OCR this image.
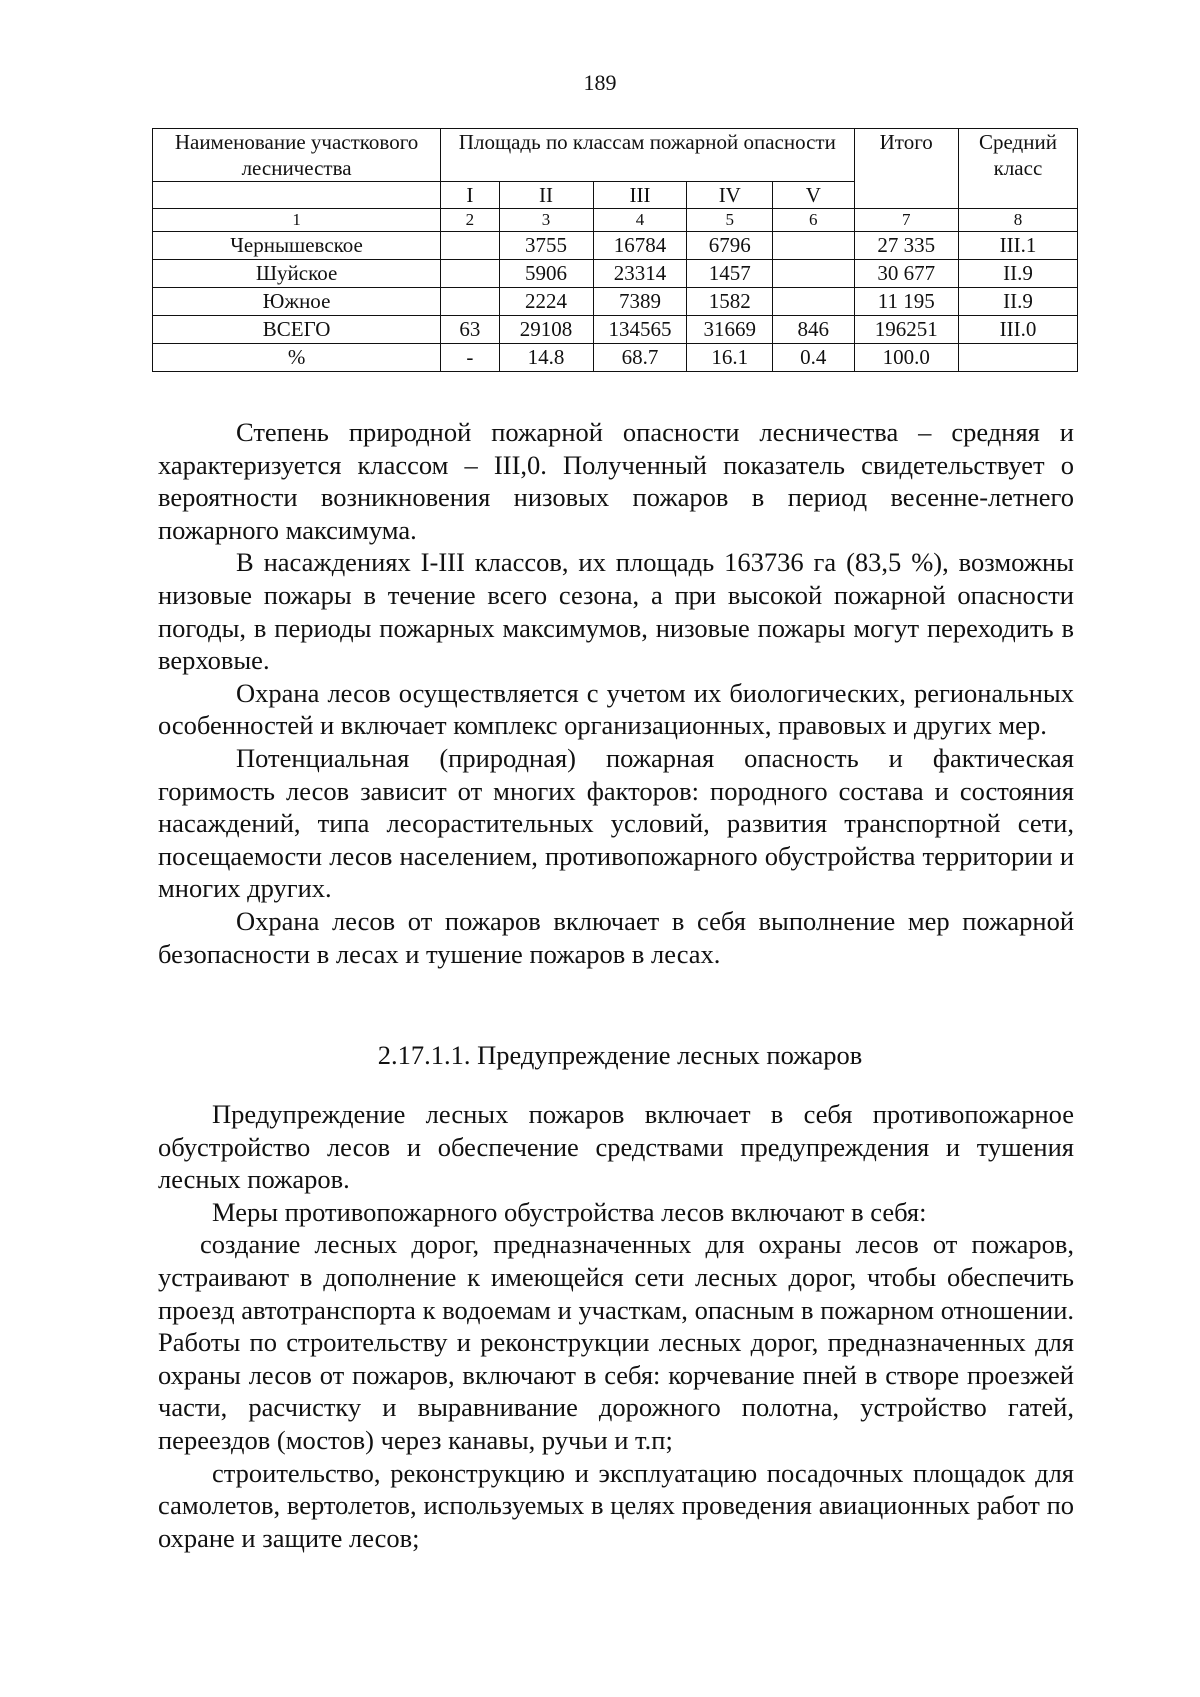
189
Наименование участкового лесничества	Площадь по классам пожарной опасности					Итого	Средний класс

	I	II	III	IV	V		
1	2	3	4	5	6	7	8
Чернышевское		3755	16784	6796		27 335	III.1
Шуйское		5906	23314	1457		30 677	II.9
Южное		2224	7389	1582		11 195	II.9
ВСЕГО	63	29108	134565	31669	846	196251	III.0
%	-	14.8	68.7	16.1	0.4	100.0	

Степень природной пожарной опасности лесничества – средняя и характеризуется классом – III,0. Полученный показатель свидетельствует о вероятности возникновения низовых пожаров в период весенне-летнего пожарного максимума.

В насаждениях I-III классов, их площадь 163736 га (83,5 %), возможны низовые пожары в течение всего сезона, а при высокой пожарной опасности погоды, в периоды пожарных максимумов, низовые пожары могут переходить в верховые.

Охрана лесов осуществляется с учетом их биологических, региональных особенностей и включает комплекс организационных, правовых и других мер.

Потенциальная (природная) пожарная опасность и фактическая горимость лесов зависит от многих факторов: породного состава и состояния насаждений, типа лесорастительных условий, развития транспортной сети, посещаемости лесов населением, противопожарного обустройства территории и многих других.

Охрана лесов от пожаров включает в себя выполнение мер пожарной безопасности в лесах и тушение пожаров в лесах.

2.17.1.1. Предупреждение лесных пожаров

Предупреждение лесных пожаров включает в себя противопожарное обустройство лесов и обеспечение средствами предупреждения и тушения лесных пожаров.

Меры противопожарного обустройства лесов включают в себя:

создание лесных дорог, предназначенных для охраны лесов от пожаров, устраивают в дополнение к имеющейся сети лесных дорог, чтобы обеспечить проезд автотранспорта к водоемам и участкам, опасным в пожарном отношении. Работы по строительству и реконструкции лесных дорог, предназначенных для охраны лесов от пожаров, включают в себя: корчевание пней в створе проезжей части, расчистку и выравнивание дорожного полотна, устройство гатей, переездов (мостов) через канавы, ручьи и т.п;

строительство, реконструкцию и эксплуатацию посадочных площадок для самолетов, вертолетов, используемых в целях проведения авиационных работ по охране и защите лесов;
